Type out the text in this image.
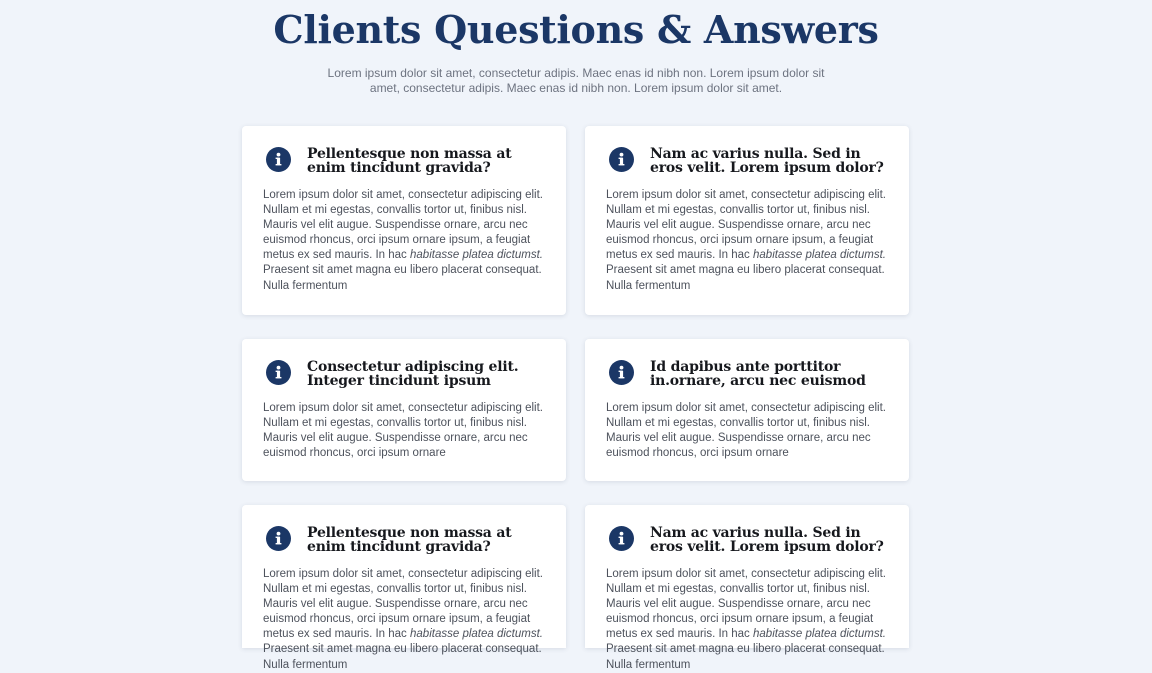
Clients Questions & Answers

Lorem ipsum dolor sit amet, consectetur adipis. Maec enas id nibh non. Lorem ipsum dolor sit amet, consectetur adipis. Maec enas id nibh non. Lorem ipsum dolor sit amet.

Pellentesque non massa at enim tincidunt gravida?

Lorem ipsum dolor sit amet, consectetur adipiscing elit. Nullam et mi egestas, convallis tortor ut, finibus nisl. Mauris vel elit augue. Suspendisse ornare, arcu nec euismod rhoncus, orci ipsum ornare ipsum, a feugiat metus ex sed mauris. In hac habitasse platea dictumst. Praesent sit amet magna eu libero placerat consequat. Nulla fermentum

Nam ac varius nulla. Sed in eros velit. Lorem ipsum dolor?

Lorem ipsum dolor sit amet, consectetur adipiscing elit. Nullam et mi egestas, convallis tortor ut, finibus nisl. Mauris vel elit augue. Suspendisse ornare, arcu nec euismod rhoncus, orci ipsum ornare ipsum, a feugiat metus ex sed mauris. In hac habitasse platea dictumst. Praesent sit amet magna eu libero placerat consequat. Nulla fermentum

Consectetur adipiscing elit. Integer tincidunt ipsum

Lorem ipsum dolor sit amet, consectetur adipiscing elit. Nullam et mi egestas, convallis tortor ut, finibus nisl. Mauris vel elit augue. Suspendisse ornare, arcu nec euismod rhoncus, orci ipsum ornare

Id dapibus ante porttitor in.ornare, arcu nec euismod

Lorem ipsum dolor sit amet, consectetur adipiscing elit. Nullam et mi egestas, convallis tortor ut, finibus nisl. Mauris vel elit augue. Suspendisse ornare, arcu nec euismod rhoncus, orci ipsum ornare

Pellentesque non massa at enim tincidunt gravida?

Lorem ipsum dolor sit amet, consectetur adipiscing elit. Nullam et mi egestas, convallis tortor ut, finibus nisl. Mauris vel elit augue. Suspendisse ornare, arcu nec euismod rhoncus, orci ipsum ornare ipsum, a feugiat metus ex sed mauris. In hac habitasse platea dictumst. Praesent sit amet magna eu libero placerat consequat. Nulla fermentum

Nam ac varius nulla. Sed in eros velit. Lorem ipsum dolor?

Lorem ipsum dolor sit amet, consectetur adipiscing elit. Nullam et mi egestas, convallis tortor ut, finibus nisl. Mauris vel elit augue. Suspendisse ornare, arcu nec euismod rhoncus, orci ipsum ornare ipsum, a feugiat metus ex sed mauris. In hac habitasse platea dictumst. Praesent sit amet magna eu libero placerat consequat. Nulla fermentum
